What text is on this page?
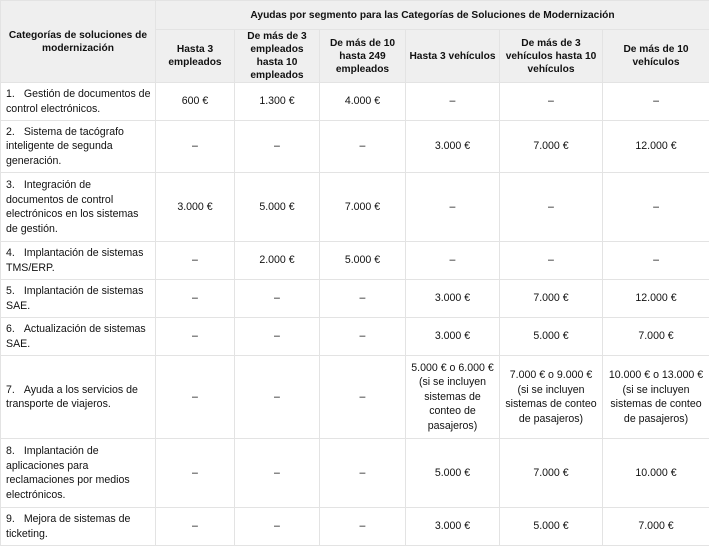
Categorías de soluciones de modernización	Ayudas por segmento para las Categorías de Soluciones de Modernización					
	Hasta 3 empleados	De más de 3 empleados hasta 10 empleados	De más de 10 hasta 249 empleados	Hasta 3 vehículos	De más de 3 vehículos hasta 10 vehículos	De más de 10 vehículos
1. Gestión de documentos de control electrónicos.	600 €	1.300 €	4.000 €	–	–	–
2. Sistema de tacógrafo inteligente de segunda generación.	–	–	–	3.000 €	7.000 €	12.000 €
3. Integración de documentos de control electrónicos en los sistemas de gestión.	3.000 €	5.000 €	7.000 €	–	–	–
4. Implantación de sistemas TMS/ERP.	–	2.000 €	5.000 €	–	–	–
5. Implantación de sistemas SAE.	–	–	–	3.000 €	7.000 €	12.000 €
6. Actualización de sistemas SAE.	–	–	–	3.000 €	5.000 €	7.000 €
7. Ayuda a los servicios de transporte de viajeros.	–	–	–	5.000 € o 6.000 € (si se incluyen sistemas de conteo de pasajeros)	7.000 € o 9.000 € (si se incluyen sistemas de conteo de pasajeros)	10.000 € o 13.000 € (si se incluyen sistemas de conteo de pasajeros)
8. Implantación de aplicaciones para reclamaciones por medios electrónicos.	–	–	–	5.000 €	7.000 €	10.000 €
9. Mejora de sistemas de ticketing.	–	–	–	3.000 €	5.000 €	7.000 €
